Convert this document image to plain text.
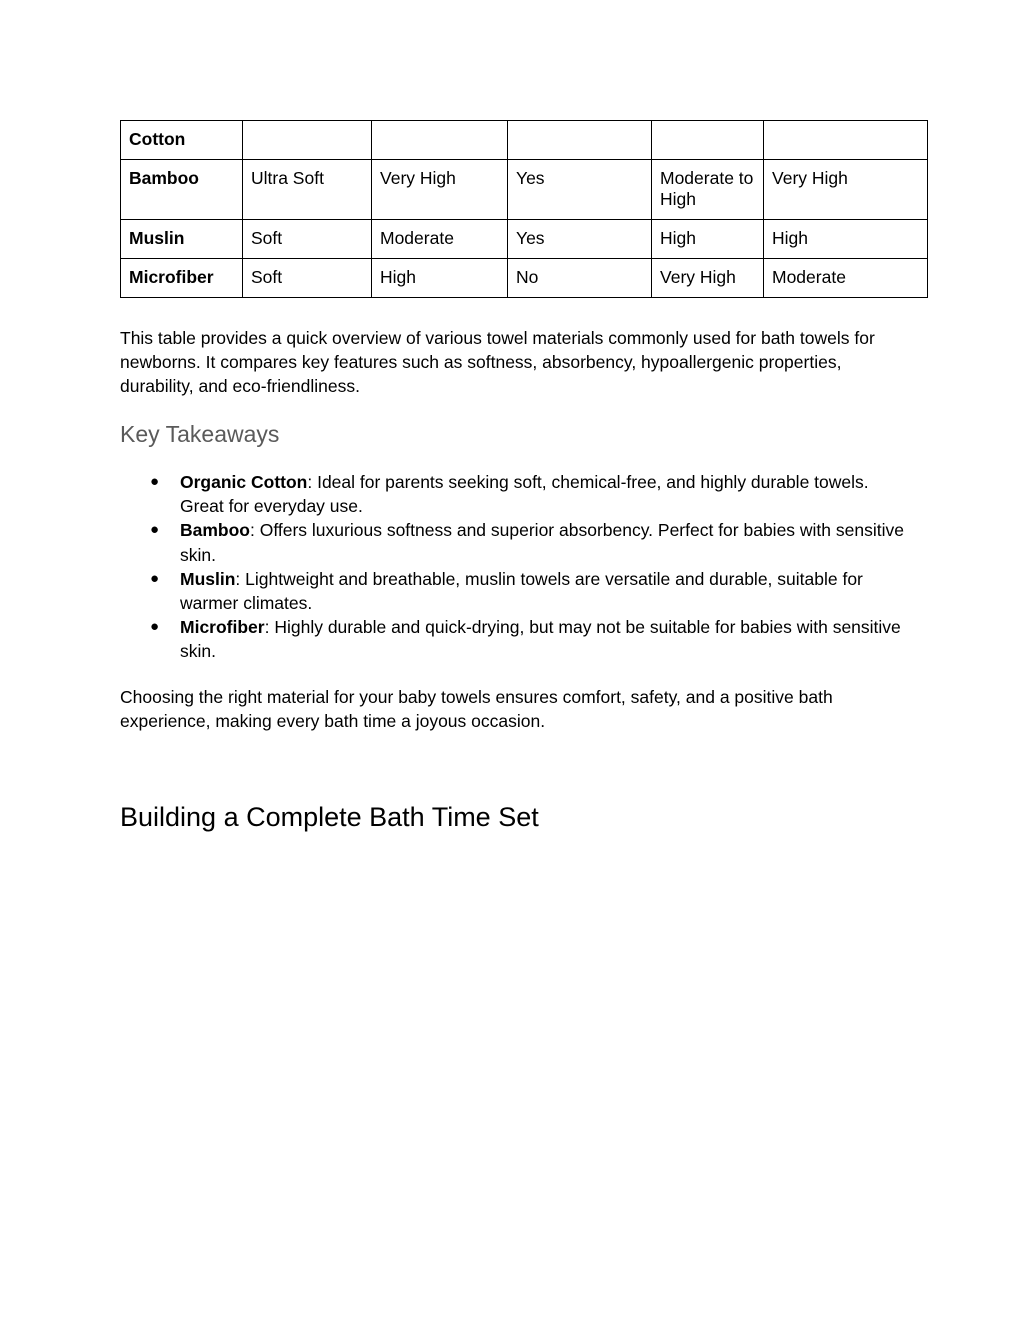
Cotton					
Bamboo	Ultra Soft	Very High	Yes	Moderate to High	Very High
Muslin	Soft	Moderate	Yes	High	High
Microfiber	Soft	High	No	Very High	Moderate

This table provides a quick overview of various towel materials commonly used for bath towels for newborns. It compares key features such as softness, absorbency, hypoallergenic properties, durability, and eco-friendliness.

Key Takeaways
● Organic Cotton: Ideal for parents seeking soft, chemical-free, and highly durable towels. Great for everyday use.
● Bamboo: Offers luxurious softness and superior absorbency. Perfect for babies with sensitive skin.
● Muslin: Lightweight and breathable, muslin towels are versatile and durable, suitable for warmer climates.
● Microfiber: Highly durable and quick-drying, but may not be suitable for babies with sensitive skin.

Choosing the right material for your baby towels ensures comfort, safety, and a positive bath experience, making every bath time a joyous occasion.

Building a Complete Bath Time Set
